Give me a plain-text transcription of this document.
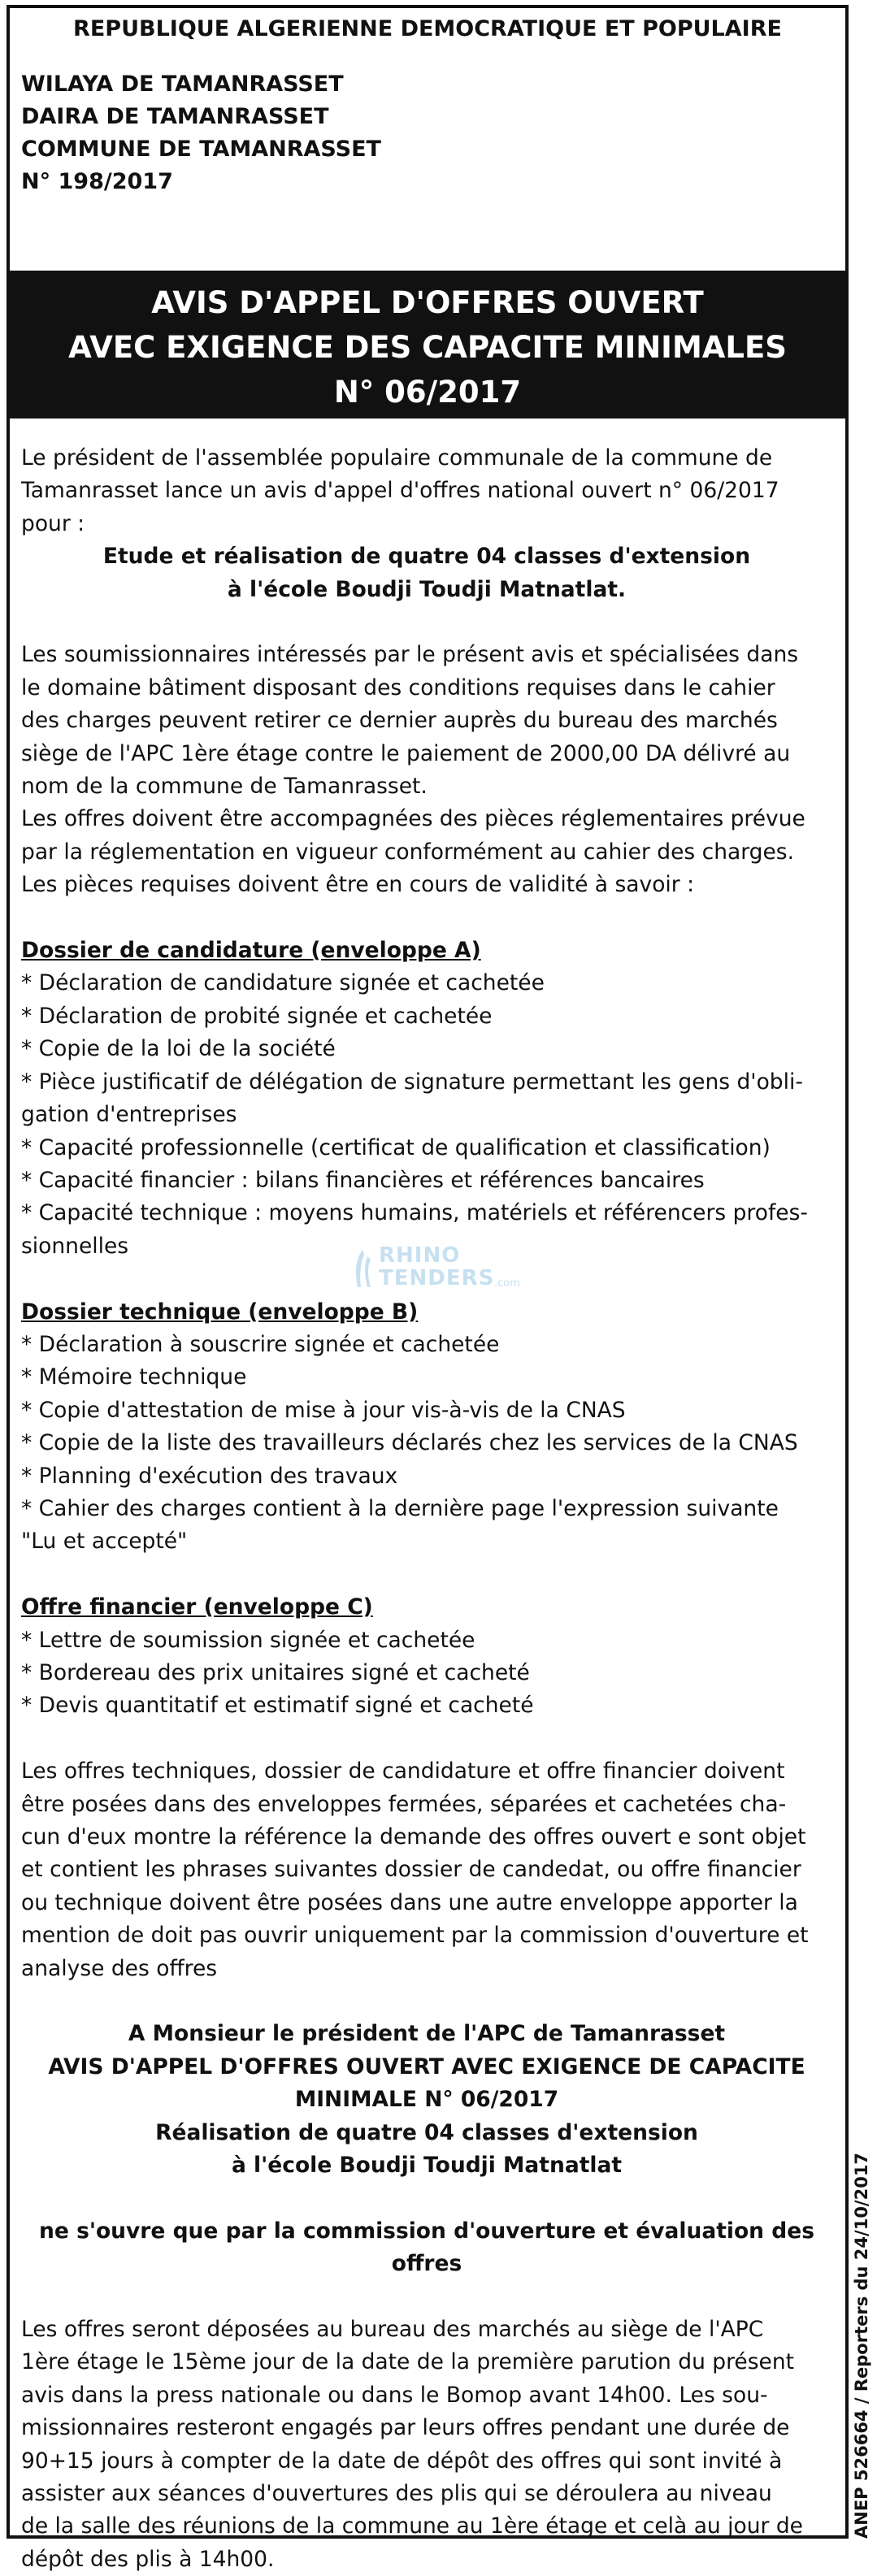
REPUBLIQUE ALGERIENNE DEMOCRATIQUE ET POPULAIRE
WILAYA DE TAMANRASSET
DAIRA DE TAMANRASSET
COMMUNE DE TAMANRASSET
N° 198/2017
AVIS D'APPEL D'OFFRES OUVERT
AVEC EXIGENCE DES CAPACITE MINIMALES
N° 06/2017
Le président de l'assemblée populaire communale de la commune de
Tamanrasset lance un avis d'appel d'offres national ouvert n° 06/2017
pour :
Etude et réalisation de quatre 04 classes d'extension
à l'école Boudji Toudji Matnatlat.
Les soumissionnaires intéressés par le présent avis et spécialisées dans
le domaine bâtiment disposant des conditions requises dans le cahier
des charges peuvent retirer ce dernier auprès du bureau des marchés
siège de l'APC 1ère étage contre le paiement de 2000,00 DA délivré au
nom de la commune de Tamanrasset.
Les offres doivent être accompagnées des pièces réglementaires prévue
par la réglementation en vigueur conformément au cahier des charges.
Les pièces requises doivent être en cours de validité à savoir :
Dossier de candidature (enveloppe A)
* Déclaration de candidature signée et cachetée
* Déclaration de probité signée et cachetée
* Copie de la loi de la société
* Pièce justificatif de délégation de signature permettant les gens d'obli-
gation d'entreprises
* Capacité professionnelle (certificat de qualification et classification)
* Capacité financier : bilans financières et références bancaires
* Capacité technique : moyens humains, matériels et référencers profes-
sionnelles
Dossier technique (enveloppe B)
* Déclaration à souscrire signée et cachetée
* Mémoire technique
* Copie d'attestation de mise à jour vis-à-vis de la CNAS
* Copie de la liste des travailleurs déclarés chez les services de la CNAS
* Planning d'exécution des travaux
* Cahier des charges contient à la dernière page l'expression suivante
"Lu et accepté"
Offre financier (enveloppe C)
* Lettre de soumission signée et cachetée
* Bordereau des prix unitaires signé et cacheté
* Devis quantitatif et estimatif signé et cacheté
Les offres techniques, dossier de candidature et offre financier doivent
être posées dans des enveloppes fermées, séparées et cachetées cha-
cun d'eux montre la référence la demande des offres ouvert e sont objet
et contient les phrases suivantes dossier de candedat, ou offre financier
ou technique doivent être posées dans une autre enveloppe apporter la
mention de doit pas ouvrir uniquement par la commission d'ouverture et
analyse des offres
A Monsieur le président de l'APC de Tamanrasset
AVIS D'APPEL D'OFFRES OUVERT AVEC EXIGENCE DE CAPACITE
MINIMALE N° 06/2017
Réalisation de quatre 04 classes d'extension
à l'école Boudji Toudji Matnatlat
ne s'ouvre que par la commission d'ouverture et évaluation des offres
Les offres seront déposées au bureau des marchés au siège de l'APC
1ère étage le 15ème jour de la date de la première parution du présent
avis dans la press nationale ou dans le Bomop avant 14h00. Les sou-
missionnaires resteront engagés par leurs offres pendant une durée de
90+15 jours à compter de la date de dépôt des offres qui sont invité à
assister aux séances d'ouvertures des plis qui se déroulera au niveau
de la salle des réunions de la commune au 1ère étage et celà au jour de
dépôt des plis à 14h00.
RHINO
TENDERS .com
ANEP 526664 / Reporters du 24/10/2017
